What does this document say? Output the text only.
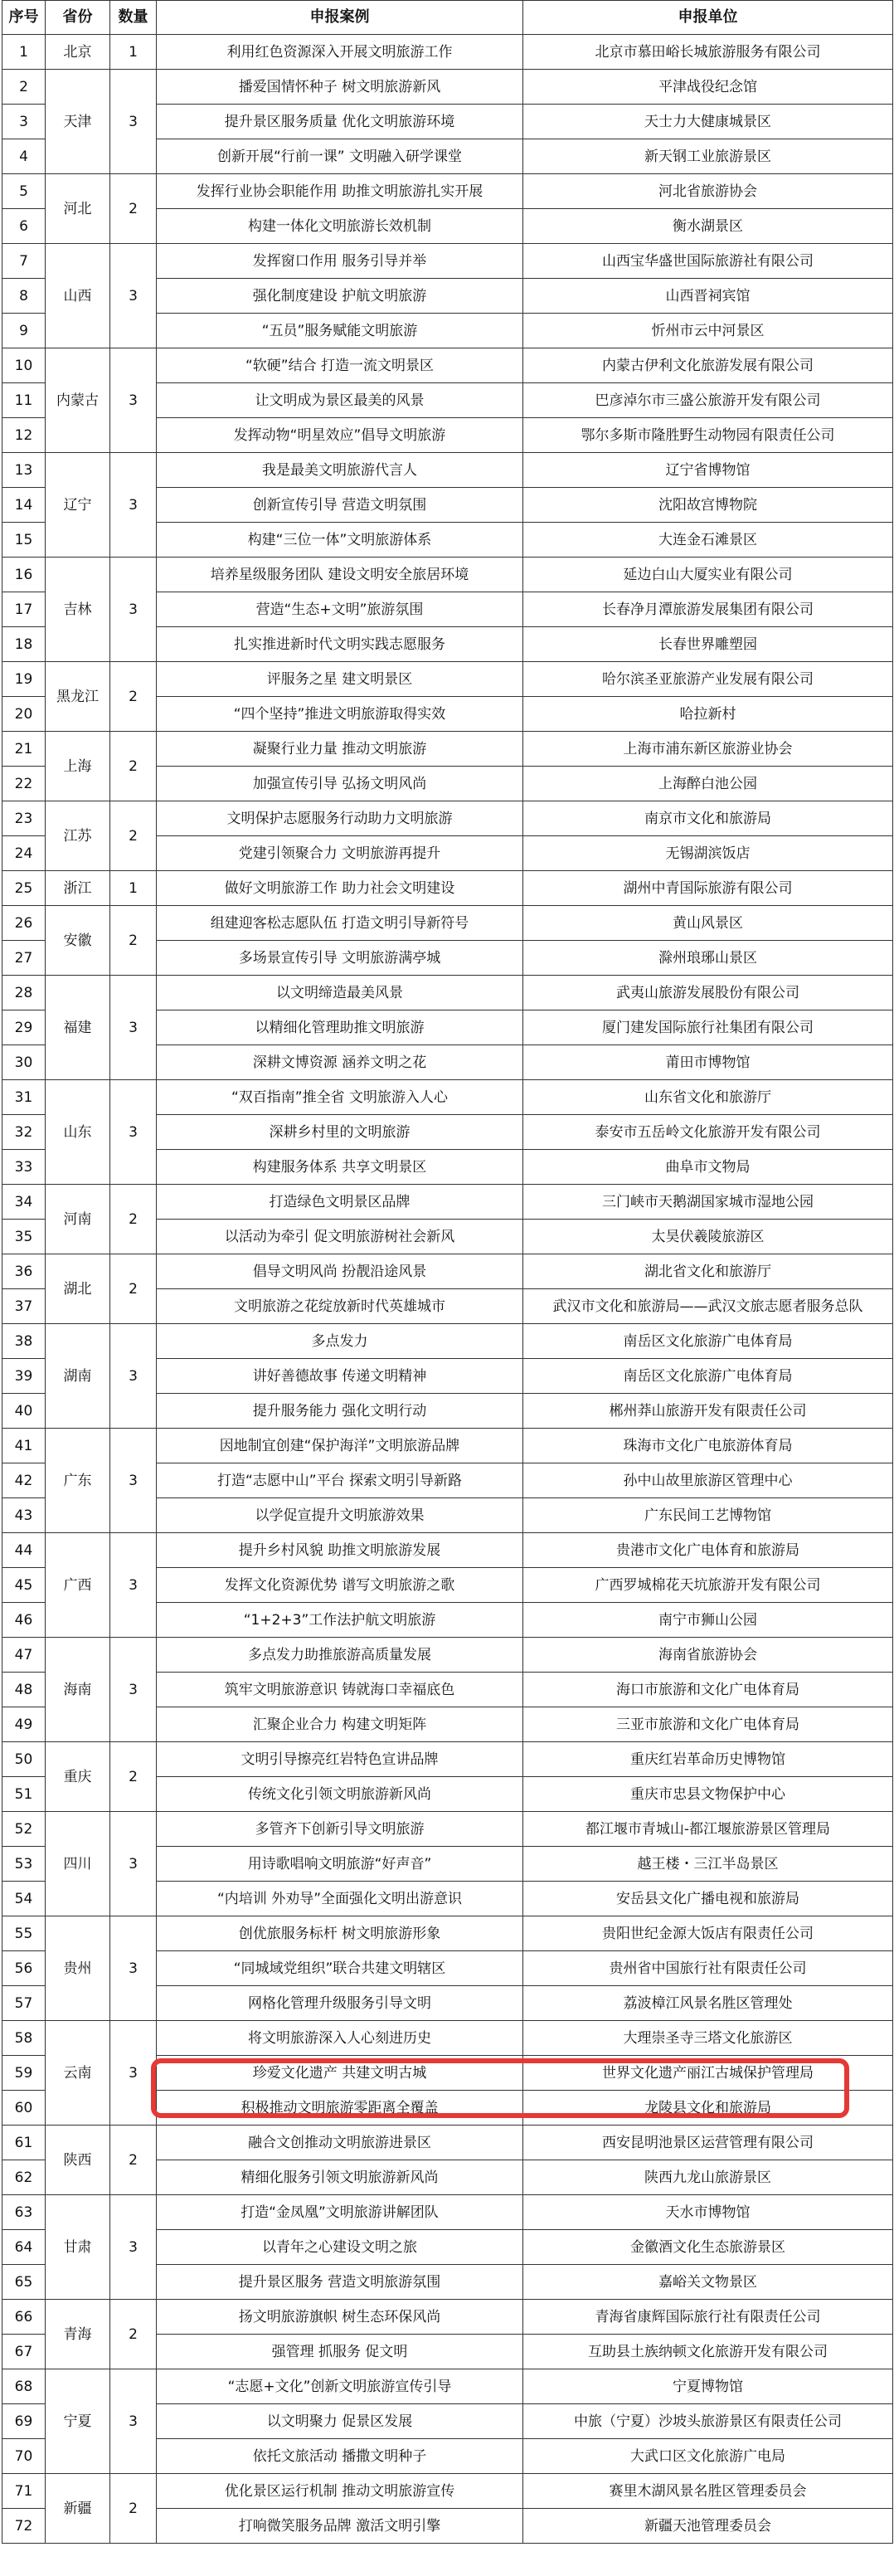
序号	省份	数量	申报案例	申报单位
1	北京	1	利用红色资源深入开展文明旅游工作	北京市慕田峪长城旅游服务有限公司
2	天津	3	播爱国情怀种子 树文明旅游新风	平津战役纪念馆
3			提升景区服务质量 优化文明旅游环境	天士力大健康城景区
4			创新开展“行前一课” 文明融入研学课堂	新天钢工业旅游景区
5	河北	2	发挥行业协会职能作用 助推文明旅游扎实开展	河北省旅游协会
6			构建一体化文明旅游长效机制	衡水湖景区
7	山西	3	发挥窗口作用 服务引导并举	山西宝华盛世国际旅游社有限公司
8			强化制度建设 护航文明旅游	山西晋祠宾馆
9			“五员”服务赋能文明旅游	忻州市云中河景区
10	内蒙古	3	“软硬”结合 打造一流文明景区	内蒙古伊利文化旅游发展有限公司
11			让文明成为景区最美的风景	巴彦淖尔市三盛公旅游开发有限公司
12			发挥动物“明星效应”倡导文明旅游	鄂尔多斯市隆胜野生动物园有限责任公司
13	辽宁	3	我是最美文明旅游代言人	辽宁省博物馆
14			创新宣传引导 营造文明氛围	沈阳故宫博物院
15			构建“三位一体”文明旅游体系	大连金石滩景区
16	吉林	3	培养星级服务团队 建设文明安全旅居环境	延边白山大厦实业有限公司
17			营造“生态+文明”旅游氛围	长春净月潭旅游发展集团有限公司
18			扎实推进新时代文明实践志愿服务	长春世界雕塑园
19	黑龙江	2	评服务之星 建文明景区	哈尔滨圣亚旅游产业发展有限公司
20			“四个坚持”推进文明旅游取得实效	哈拉新村
21	上海	2	凝聚行业力量 推动文明旅游	上海市浦东新区旅游业协会
22			加强宣传引导 弘扬文明风尚	上海醉白池公园
23	江苏	2	文明保护志愿服务行动助力文明旅游	南京市文化和旅游局
24			党建引领聚合力 文明旅游再提升	无锡湖滨饭店
25	浙江	1	做好文明旅游工作 助力社会文明建设	湖州中青国际旅游有限公司
26	安徽	2	组建迎客松志愿队伍 打造文明引导新符号	黄山风景区
27			多场景宣传引导 文明旅游满亭城	滁州琅琊山景区
28	福建	3	以文明缔造最美风景	武夷山旅游发展股份有限公司
29			以精细化管理助推文明旅游	厦门建发国际旅行社集团有限公司
30			深耕文博资源 涵养文明之花	莆田市博物馆
31	山东	3	“双百指南”推全省 文明旅游入人心	山东省文化和旅游厅
32			深耕乡村里的文明旅游	泰安市五岳岭文化旅游开发有限公司
33			构建服务体系 共享文明景区	曲阜市文物局
34	河南	2	打造绿色文明景区品牌	三门峡市天鹅湖国家城市湿地公园
35			以活动为牵引 促文明旅游树社会新风	太昊伏羲陵旅游区
36	湖北	2	倡导文明风尚 扮靓沿途风景	湖北省文化和旅游厅
37			文明旅游之花绽放新时代英雄城市	武汉市文化和旅游局——武汉文旅志愿者服务总队
38	湖南	3	多点发力	南岳区文化旅游广电体育局
39			讲好善德故事 传递文明精神	南岳区文化旅游广电体育局
40			提升服务能力 强化文明行动	郴州莽山旅游开发有限责任公司
41	广东	3	因地制宜创建“保护海洋”文明旅游品牌	珠海市文化广电旅游体育局
42			打造“志愿中山”平台 探索文明引导新路	孙中山故里旅游区管理中心
43			以学促宣提升文明旅游效果	广东民间工艺博物馆
44	广西	3	提升乡村风貌 助推文明旅游发展	贵港市文化广电体育和旅游局
45			发挥文化资源优势 谱写文明旅游之歌	广西罗城棉花天坑旅游开发有限公司
46			“1+2+3”工作法护航文明旅游	南宁市狮山公园
47	海南	3	多点发力助推旅游高质量发展	海南省旅游协会
48			筑牢文明旅游意识 铸就海口幸福底色	海口市旅游和文化广电体育局
49			汇聚企业合力 构建文明矩阵	三亚市旅游和文化广电体育局
50	重庆	2	文明引导擦亮红岩特色宣讲品牌	重庆红岩革命历史博物馆
51			传统文化引领文明旅游新风尚	重庆市忠县文物保护中心
52	四川	3	多管齐下创新引导文明旅游	都江堰市青城山-都江堰旅游景区管理局
53			用诗歌唱响文明旅游“好声音”	越王楼・三江半岛景区
54			“内培训 外劝导”全面强化文明出游意识	安岳县文化广播电视和旅游局
55	贵州	3	创优旅服务标杆 树文明旅游形象	贵阳世纪金源大饭店有限责任公司
56			“同城域党组织”联合共建文明辖区	贵州省中国旅行社有限责任公司
57			网格化管理升级服务引导文明	荔波樟江风景名胜区管理处
58	云南	3	将文明旅游深入人心刻进历史	大理崇圣寺三塔文化旅游区
59			珍爱文化遗产 共建文明古城	世界文化遗产丽江古城保护管理局
60			积极推动文明旅游零距离全覆盖	龙陵县文化和旅游局
61	陕西	2	融合文创推动文明旅游进景区	西安昆明池景区运营管理有限公司
62			精细化服务引领文明旅游新风尚	陕西九龙山旅游景区
63	甘肃	3	打造“金凤凰”文明旅游讲解团队	天水市博物馆
64			以青年之心建设文明之旅	金徽酒文化生态旅游景区
65			提升景区服务 营造文明旅游氛围	嘉峪关文物景区
66	青海	2	扬文明旅游旗帜 树生态环保风尚	青海省康辉国际旅行社有限责任公司
67			强管理 抓服务 促文明	互助县土族纳顿文化旅游开发有限公司
68	宁夏	3	“志愿+文化”创新文明旅游宣传引导	宁夏博物馆
69			以文明聚力 促景区发展	中旅（宁夏）沙坡头旅游景区有限责任公司
70			依托文旅活动 播撒文明种子	大武口区文化旅游广电局
71	新疆	2	优化景区运行机制 推动文明旅游宣传	赛里木湖风景名胜区管理委员会
72			打响微笑服务品牌 激活文明引擎	新疆天池管理委员会
